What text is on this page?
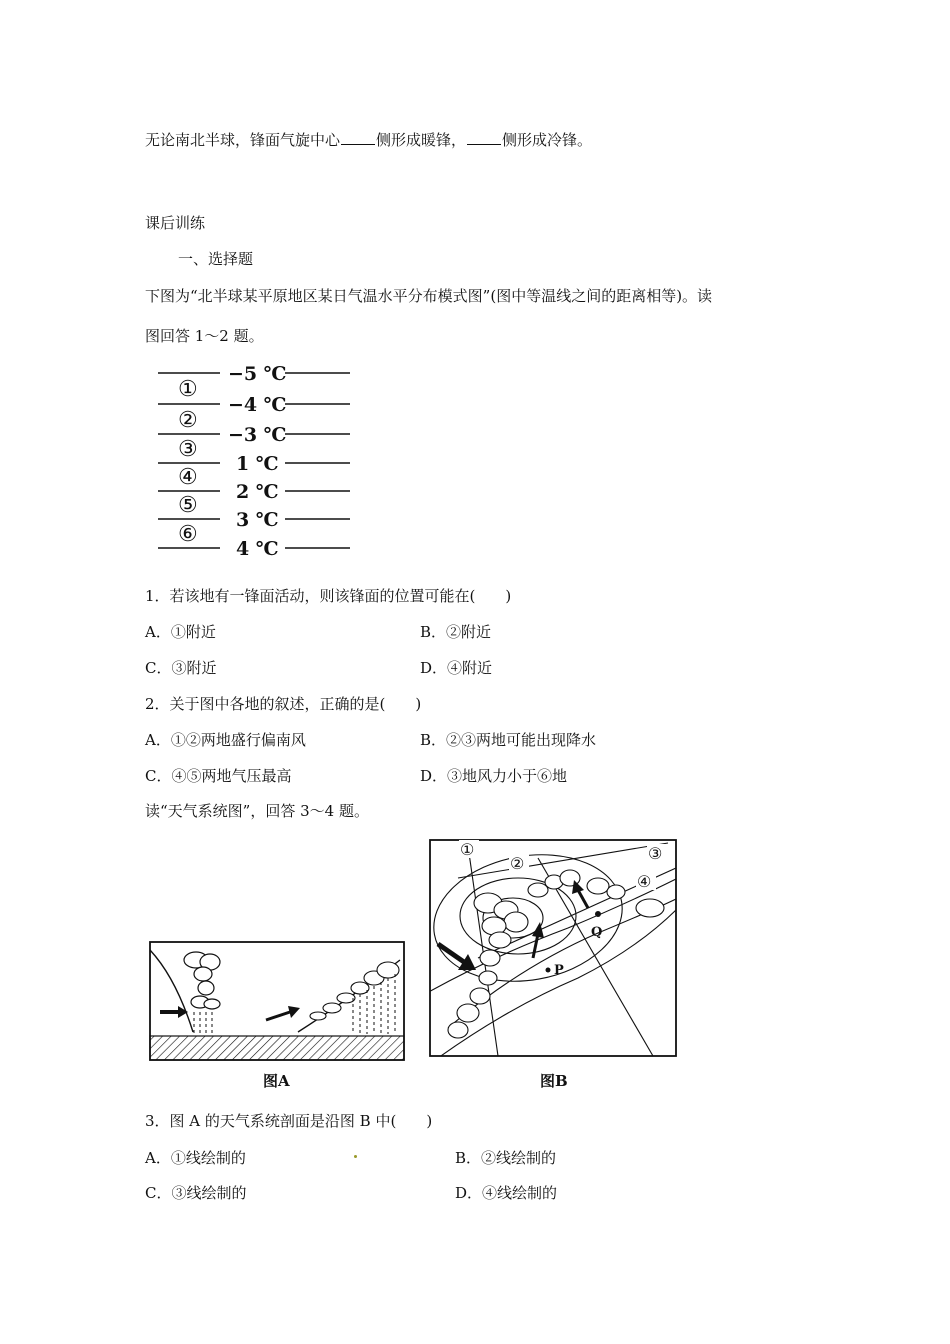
无论南北半球，锋面气旋中心 侧形成暖锋， 侧形成冷锋。
课后训练
一、选择题
下图为“北半球某平原地区某日气温水平分布模式图”(图中等温线之间的距离相等)。读
图回答 1～2 题。
−5 ℃
−4 ℃
−3 ℃
1 ℃
2 ℃
3 ℃
4 ℃
①
②
③
④
⑤
⑥
1．若该地有一锋面活动，则该锋面的位置可能在(　　)
A．①附近	B．②附近
C．③附近	D．④附近
2．关于图中各地的叙述，正确的是(　　)
A．①②两地盛行偏南风	B．②③两地可能出现降水
C．④⑤两地气压最高	D．③地风力小于⑥地
读“天气系统图”，回答 3～4 题。
图A
Q
P
①
②
③
④
图B
3．图 A 的天气系统剖面是沿图 B 中(　　)
A．①线绘制的	B．②线绘制的
C．③线绘制的	D．④线绘制的
